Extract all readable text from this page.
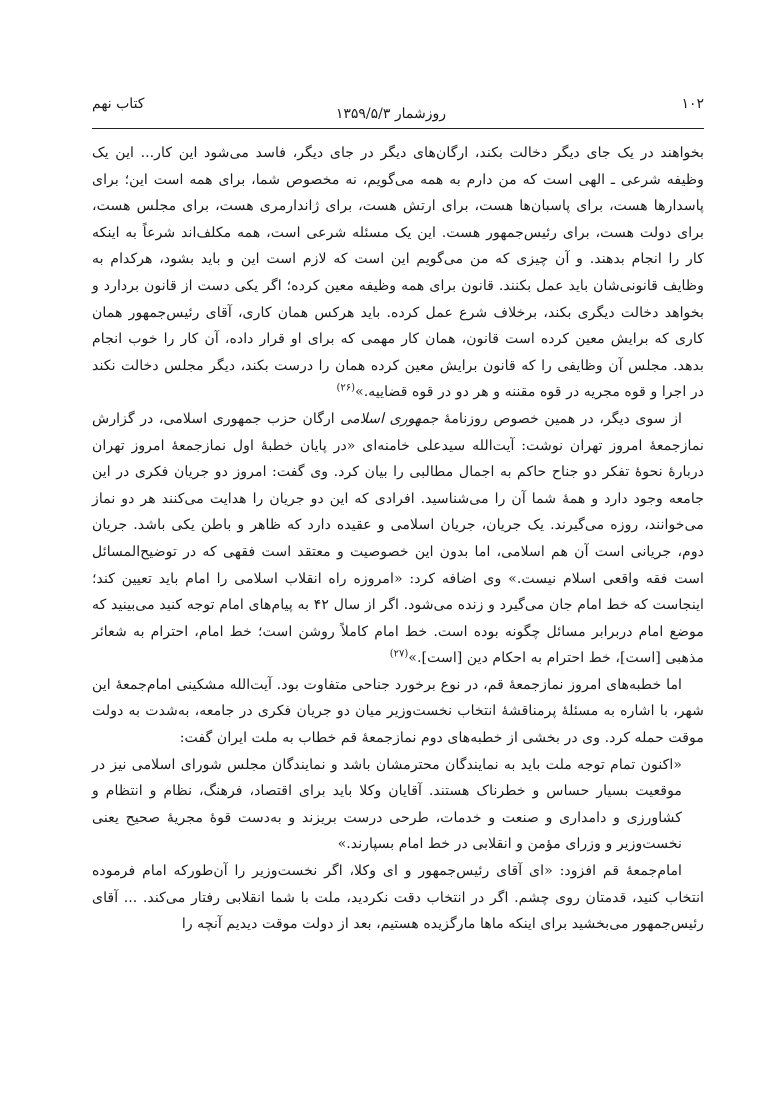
۱۰۲
روزشمار ۱۳۵۹/۵/۳
کتاب نهم

بخواهند در یک جای دیگر دخالت بکند، ارگان‌های دیگر در جای دیگر، فاسد می‌شود این کار... این یک وظیفه شرعی ـ الهی است که من دارم به همه می‌گویم، نه مخصوص شما، برای همه است این؛ برای پاسدارها هست، برای پاسبان‌ها هست، برای ارتش هست، برای ژاندارمری هست، برای مجلس هست، برای دولت هست، برای رئیس‌جمهور هست. این یک مسئله شرعی است، همه مکلف‌اند شرعاً به اینکه کار را انجام بدهند. و آن چیزی که من می‌گویم این است که لازم است این و باید بشود، هرکدام به وظایف قانونی‌شان باید عمل بکنند. قانون برای همه وظیفه معین کرده؛ اگر یکی دست از قانون بردارد و بخواهد دخالت دیگری بکند، برخلاف شرع عمل کرده. باید هرکس همان کاری، آقای رئیس‌جمهور همان کاری که برایش معین کرده است قانون، همان کار مهمی که برای او قرار داده، آن کار را خوب انجام بدهد. مجلس آن وظایفی را که قانون برایش معین کرده همان را درست بکند، دیگر مجلس دخالت نکند در اجرا و قوه مجریه در قوه مقننه و هر دو در قوه قضاییه.»$^{(۲۶)}$

از سوی دیگر، در همین خصوص روزنامهٔ جمهوری اسلامی ارگان حزب جمهوری اسلامی، در گزارش نمازجمعهٔ امروز تهران نوشت: آیت‌الله سیدعلی خامنه‌ای «در پایان خطبهٔ اول نمازجمعهٔ امروز تهران دربارهٔ نحوهٔ تفکر دو جناح حاکم به اجمال مطالبی را بیان کرد. وی گفت: امروز دو جریان فکری در این جامعه وجود دارد و همهٔ شما آن را می‌شناسید. افرادی که این دو جریان را هدایت می‌کنند هر دو نماز می‌خوانند، روزه می‌گیرند. یک جریان، جریان اسلامی و عقیده دارد که ظاهر و باطن یکی باشد. جریان دوم، جریانی است آن هم اسلامی، اما بدون این خصوصیت و معتقد است فقهی که در توضیح‌المسائل است فقه واقعی اسلام نیست.» وی اضافه کرد: «امروزه راه انقلاب اسلامی را امام باید تعیین کند؛ اینجاست که خط امام جان می‌گیرد و زنده می‌شود. اگر از سال ۴۲ به پیام‌های امام توجه کنید می‌بینید که موضع امام دربرابر مسائل چگونه بوده است. خط امام کاملاً روشن است؛ خط امام، احترام به شعائر مذهبی [است]، خط احترام به احکام دین [است].»$^{(۲۷)}$

اما خطبه‌های امروز نمازجمعهٔ قم، در نوع برخورد جناحی متفاوت بود. آیت‌الله مشکینی امام‌جمعهٔ این شهر، با اشاره به مسئلهٔ پرمناقشهٔ انتخاب نخست‌وزیر میان دو جریان فکری در جامعه، به‌شدت به دولت موقت حمله کرد. وی در بخشی از خطبه‌های دوم نمازجمعهٔ قم خطاب به ملت ایران گفت:

«اکنون تمام توجه ملت باید به نمایندگان محترمشان باشد و نمایندگان مجلس شورای اسلامی نیز در موقعیت بسیار حساس و خطرناک هستند. آقایان وکلا باید برای اقتصاد، فرهنگ، نظام و انتظام و کشاورزی و دامداری و صنعت و خدمات، طرحی درست بریزند و به‌دست قوهٔ مجریهٔ صحیح یعنی نخست‌وزیر و وزرای مؤمن و انقلابی در خط امام بسپارند.»

امام‌جمعهٔ قم افزود: «ای آقای رئیس‌جمهور و ای وکلا، اگر نخست‌وزیر را آن‌طورکه امام فرموده انتخاب کنید، قدمتان روی چشم. اگر در انتخاب دقت نکردید، ملت با شما انقلابی رفتار می‌کند. ... آقای رئیس‌جمهور می‌بخشید برای اینکه ماها مارگزیده هستیم، بعد از دولت موقت دیدیم آنچه را
